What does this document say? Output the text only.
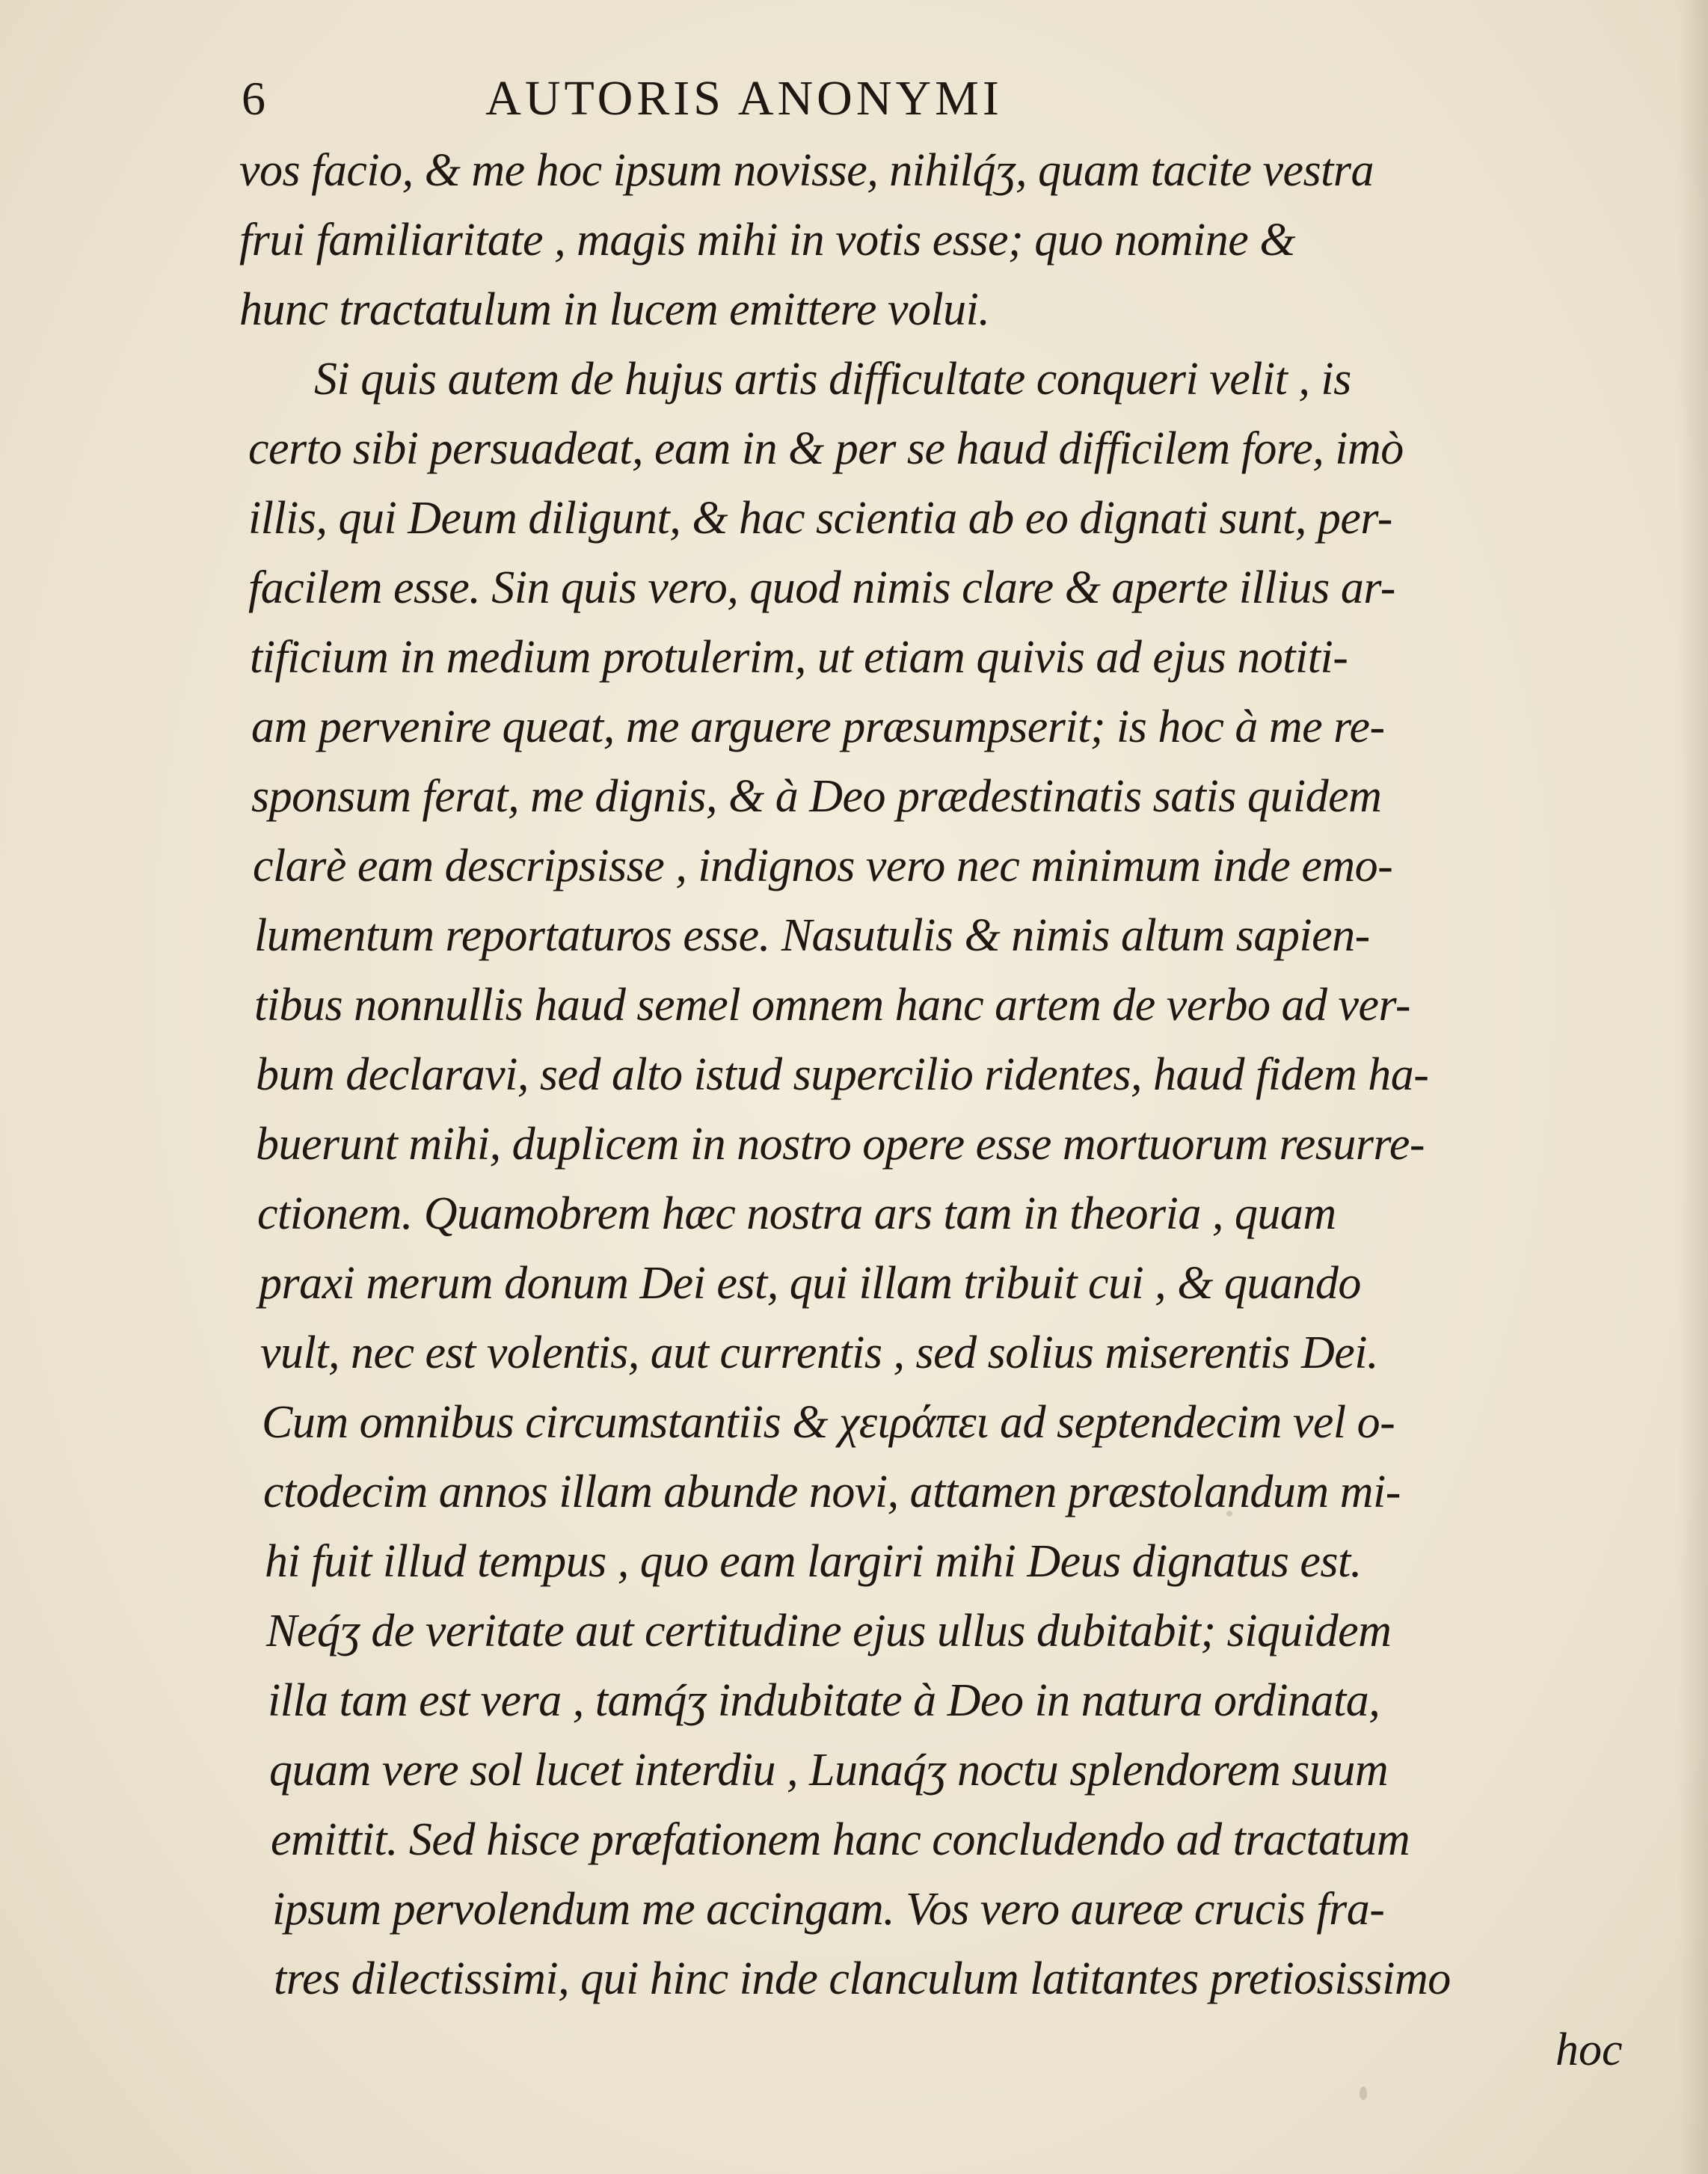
6	AUTORIS ANONYMI
vos facio, & me hoc ipsum novisse, nihilq́ʒ, quam tacite vestra
frui familiaritate , magis mihi in votis esse; quo nomine &
hunc tractatulum in lucem emittere volui.
Si quis autem de hujus artis difficultate conqueri velit , is
certo sibi persuadeat, eam in & per se haud difficilem fore, imò
illis, qui Deum diligunt, & hac scientia ab eo dignati sunt, per-
facilem esse. Sin quis vero, quod nimis clare & aperte illius ar-
tificium in medium protulerim, ut etiam quivis ad ejus notiti-
am pervenire queat, me arguere præsumpserit; is hoc à me re-
sponsum ferat, me dignis, & à Deo prædestinatis satis quidem
clarè eam descripsisse , indignos vero nec minimum inde emo-
lumentum reportaturos esse. Nasutulis & nimis altum sapien-
tibus nonnullis haud semel omnem hanc artem de verbo ad ver-
bum declaravi, sed alto istud supercilio ridentes, haud fidem ha-
buerunt mihi, duplicem in nostro opere esse mortuorum resurre-
ctionem. Quamobrem hæc nostra ars tam in theoria , quam
praxi merum donum Dei est, qui illam tribuit cui , & quando
vult, nec est volentis, aut currentis , sed solius miserentis Dei.
Cum omnibus circumstantiis & χειράπει ad septendecim vel o-
ctodecim annos illam abunde novi, attamen præstolandum mi-
hi fuit illud tempus , quo eam largiri mihi Deus dignatus est.
Neq́ʒ de veritate aut certitudine ejus ullus dubitabit; siquidem
illa tam est vera , tamq́ʒ indubitate à Deo in natura ordinata,
quam vere sol lucet interdiu , Lunaq́ʒ noctu splendorem suum
emittit. Sed hisce præfationem hanc concludendo ad tractatum
ipsum pervolendum me accingam. Vos vero aureæ crucis fra-
tres dilectissimi, qui hinc inde clanculum latitantes pretiosissimo
hoc
